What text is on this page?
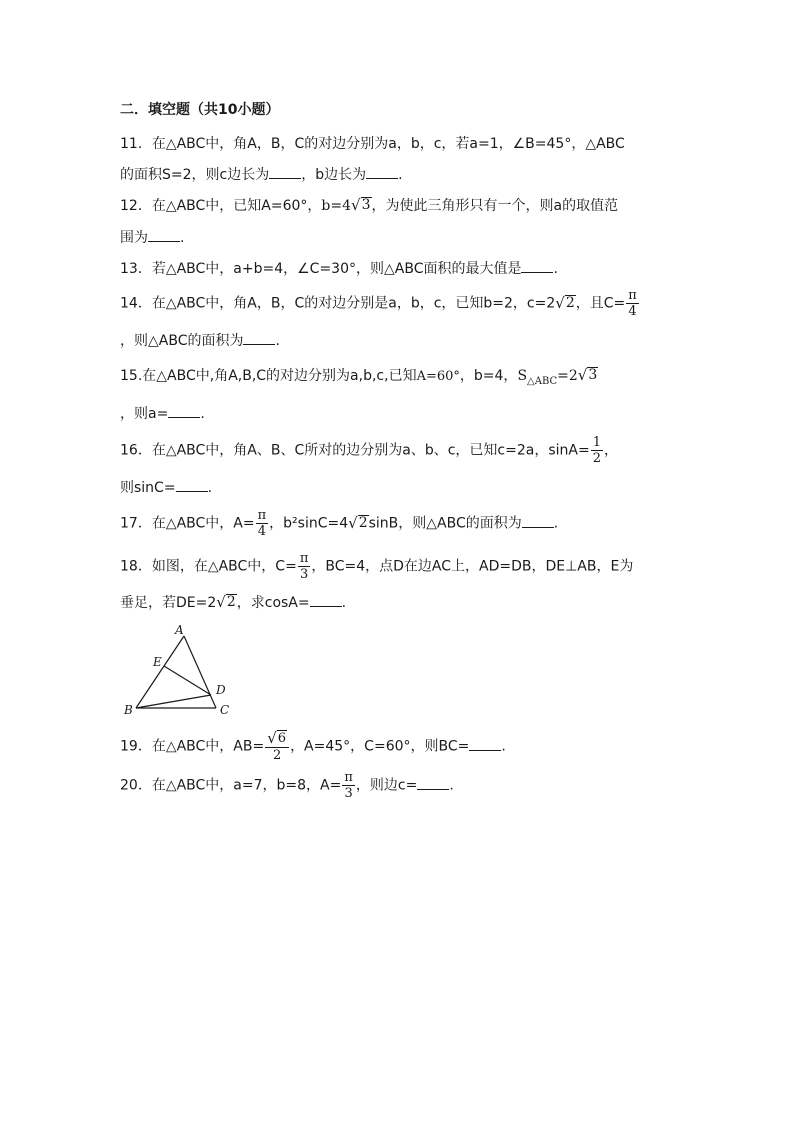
二．填空题（共10小题）
11．在△ABC中，角A，B，C的对边分别为a，b，c，若a=1，∠B=45°，△ABC
的面积S=2，则c边长为 ，b边长为 .
12．在△ABC中，已知A=60°，b=4 √ 3 ，为使此三角形只有一个，则a的取值范
围为 .
13．若△ABC中，a+b=4，∠C=30°，则△ABC面积的最大值是 .
14．在△ABC中，角A，B，C的对边分别是a，b，c，已知b=2，c=2 √ 2 ，且$C= \frac{\pi}{4}$
，则△ABC的面积为 .
15.在△ABC中,角A,B,C的对边分别为a,b,c,已知A=60°，b=4，$S_{\triangle ABC}=2$ √ 3
，则a= .
16．在△ABC中，角A、B、C所对的边分别为a、b、c，已知c=2a，$\sin A= \frac{1}{2}$ ，
则sinC= .
17．在△ABC中，$A= \frac{\pi}{4}$ ，b²sinC=4 √ 2 sinB，则△ABC的面积为 .
18．如图，在△ABC中，$C= \frac{\pi}{3}$ ，BC=4，点D在边AC上，AD=DB，DE⊥AB，E为
垂足，若DE=2 √ 2 ，求cosA= .
A
E
D
B	C
19．在△ABC中，$AB= \frac{√ 6}{2}$ ，A=45°，C=60°，则BC= .
20．在△ABC中，a=7，b=8，$A= \frac{\pi}{3}$ ，则边c= .
